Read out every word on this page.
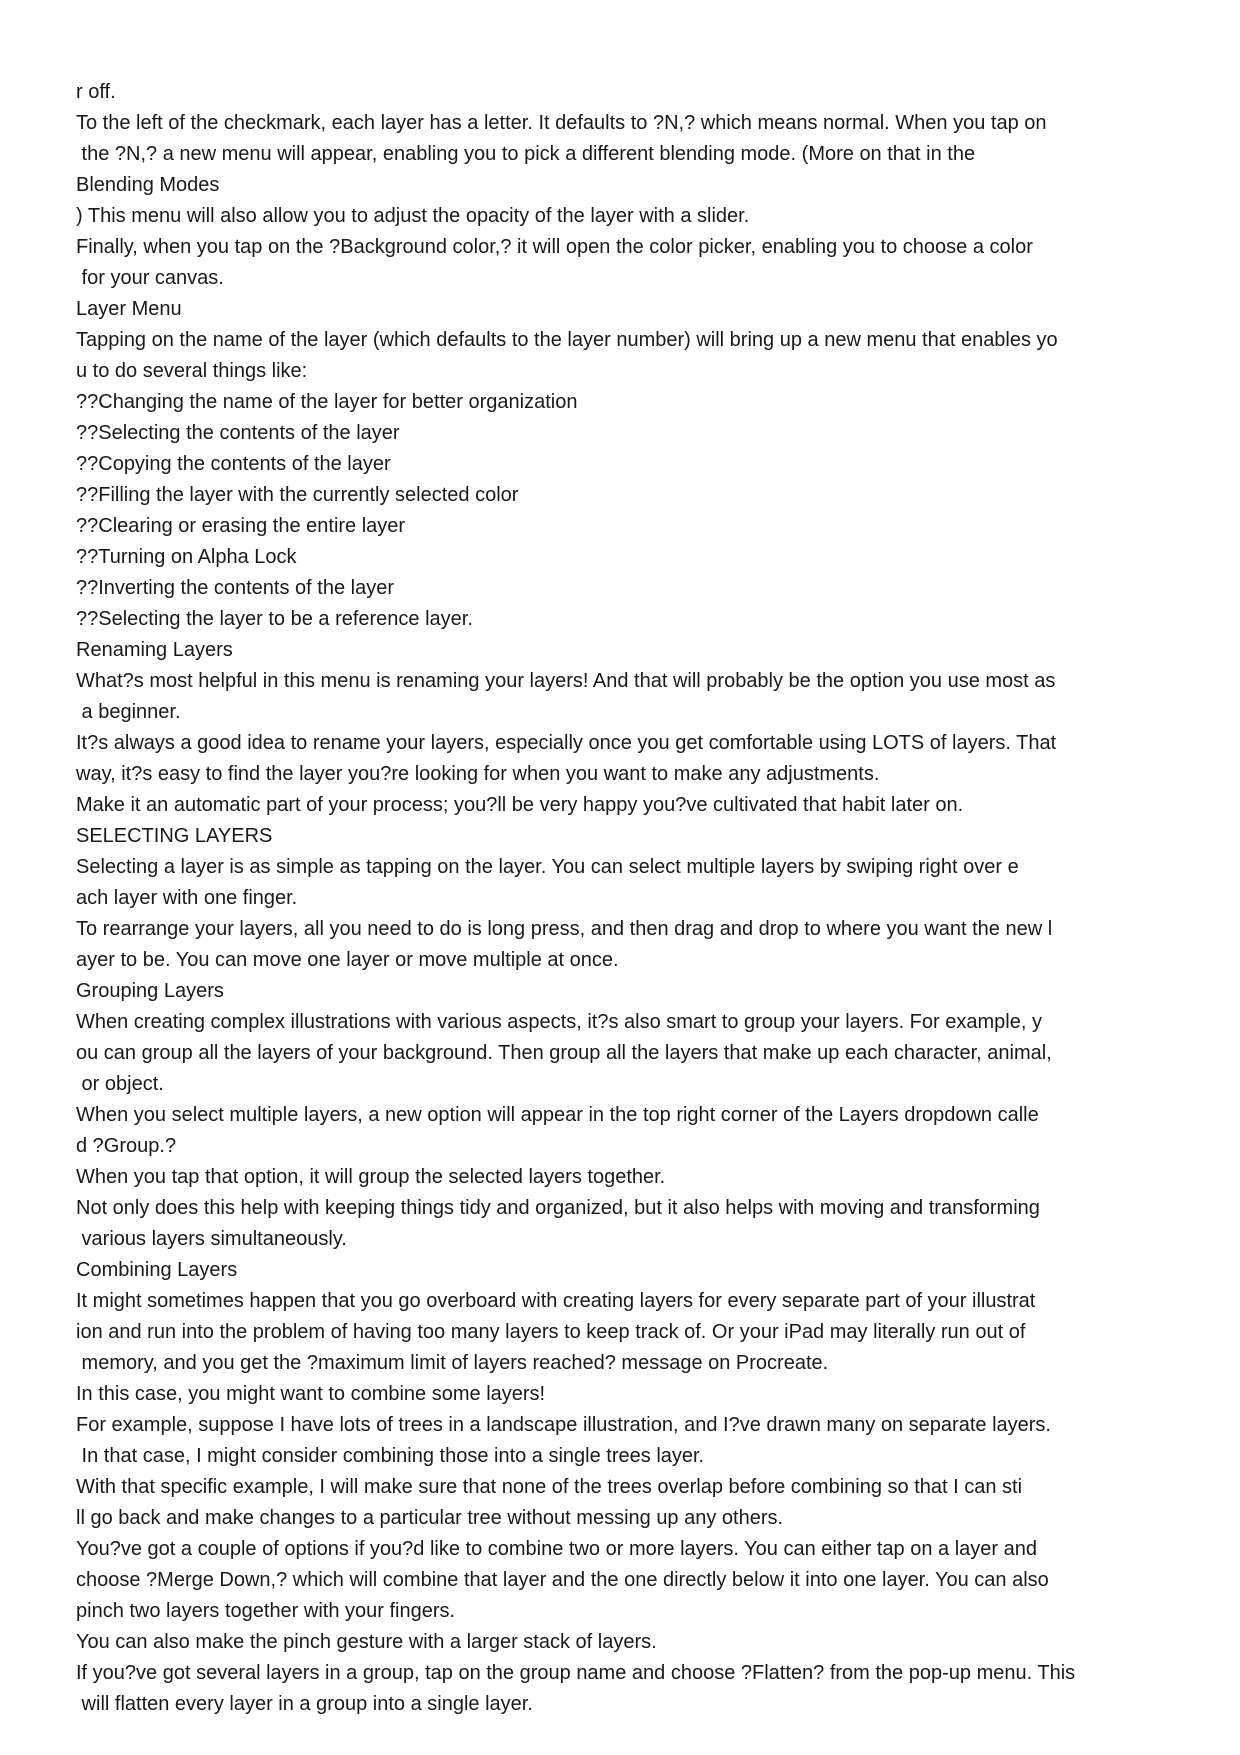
r off.
To the left of the checkmark, each layer has a letter. It defaults to ?N,? which means normal. When you tap on
the ?N,? a new menu will appear, enabling you to pick a different blending mode. (More on that in the
Blending Modes
) This menu will also allow you to adjust the opacity of the layer with a slider.
Finally, when you tap on the ?Background color,? it will open the color picker, enabling you to choose a color
for your canvas.
Layer Menu
Tapping on the name of the layer (which defaults to the layer number) will bring up a new menu that enables yo
u to do several things like:
??Changing the name of the layer for better organization
??Selecting the contents of the layer
??Copying the contents of the layer
??Filling the layer with the currently selected color
??Clearing or erasing the entire layer
??Turning on Alpha Lock
??Inverting the contents of the layer
??Selecting the layer to be a reference layer.
Renaming Layers
What?s most helpful in this menu is renaming your layers! And that will probably be the option you use most as
a beginner.
It?s always a good idea to rename your layers, especially once you get comfortable using LOTS of layers. That
way, it?s easy to find the layer you?re looking for when you want to make any adjustments.
Make it an automatic part of your process; you?ll be very happy you?ve cultivated that habit later on.
SELECTING LAYERS
Selecting a layer is as simple as tapping on the layer. You can select multiple layers by swiping right over e
ach layer with one finger.
To rearrange your layers, all you need to do is long press, and then drag and drop to where you want the new l
ayer to be. You can move one layer or move multiple at once.
Grouping Layers
When creating complex illustrations with various aspects, it?s also smart to group your layers. For example, y
ou can group all the layers of your background. Then group all the layers that make up each character, animal,
or object.
When you select multiple layers, a new option will appear in the top right corner of the Layers dropdown calle
d ?Group.?
When you tap that option, it will group the selected layers together.
Not only does this help with keeping things tidy and organized, but it also helps with moving and transforming
various layers simultaneously.
Combining Layers
It might sometimes happen that you go overboard with creating layers for every separate part of your illustrat
ion and run into the problem of having too many layers to keep track of. Or your iPad may literally run out of
memory, and you get the ?maximum limit of layers reached? message on Procreate.
In this case, you might want to combine some layers!
For example, suppose I have lots of trees in a landscape illustration, and I?ve drawn many on separate layers.
In that case, I might consider combining those into a single trees layer.
With that specific example, I will make sure that none of the trees overlap before combining so that I can sti
ll go back and make changes to a particular tree without messing up any others.
You?ve got a couple of options if you?d like to combine two or more layers. You can either tap on a layer and
choose ?Merge Down,? which will combine that layer and the one directly below it into one layer. You can also
pinch two layers together with your fingers.
You can also make the pinch gesture with a larger stack of layers.
If you?ve got several layers in a group, tap on the group name and choose ?Flatten? from the pop-up menu. This
will flatten every layer in a group into a single layer.
